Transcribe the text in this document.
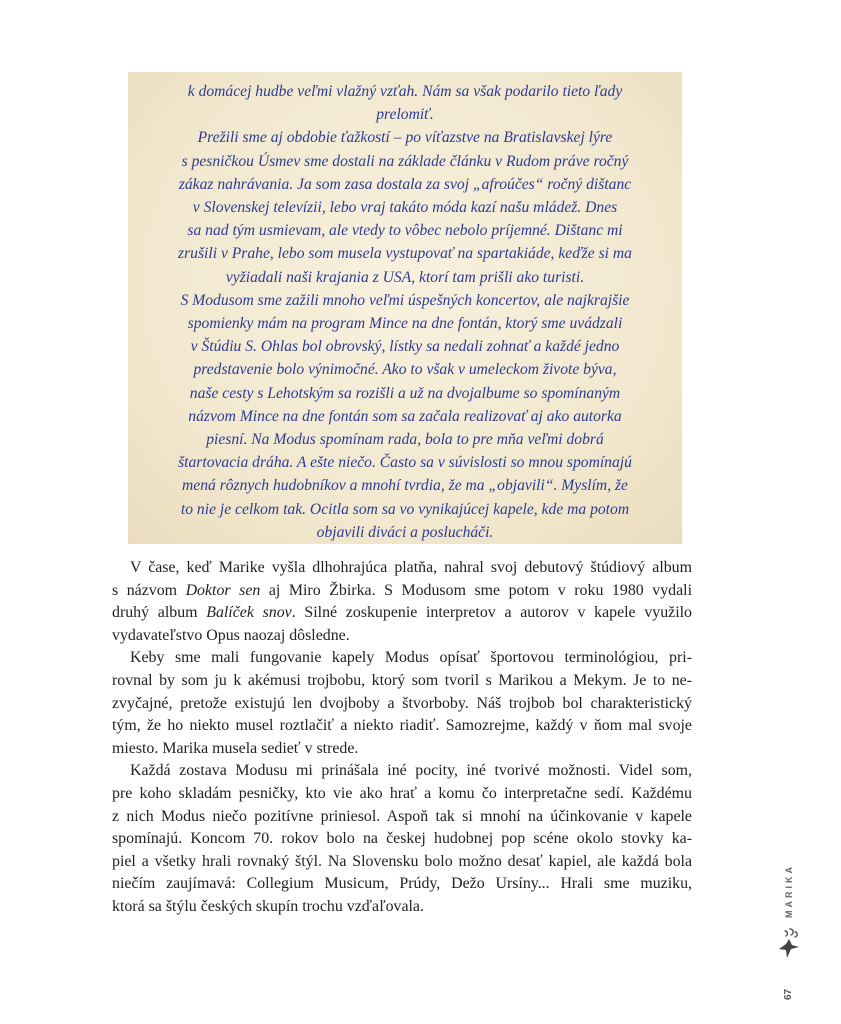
k domácej hudbe veľmi vlažný vzťah. Nám sa však podarilo tieto ľady
prelomiť.
Prežili sme aj obdobie ťažkostí – po víťazstve na Bratislavskej lýre
s pesničkou Úsmev sme dostali na základe článku v Rudom práve ročný
zákaz nahrávania. Ja som zasa dostala za svoj „afroúčes“ ročný dištanc
v Slovenskej televízii, lebo vraj takáto móda kazí našu mládež. Dnes
sa nad tým usmievam, ale vtedy to vôbec nebolo príjemné. Dištanc mi
zrušili v Prahe, lebo som musela vystupovať na spartakiáde, keďže si ma
vyžiadali naši krajania z USA, ktorí tam prišli ako turisti.
S Modusom sme zažili mnoho veľmi úspešných koncertov, ale najkrajšie
spomienky mám na program Mince na dne fontán, ktorý sme uvádzali
v Štúdiu S. Ohlas bol obrovský, lístky sa nedali zohnať a každé jedno
predstavenie bolo výnimočné. Ako to však v umeleckom živote býva,
naše cesty s Lehotským sa rozišli a už na dvojalbume so spomínaným
názvom Mince na dne fontán som sa začala realizovať aj ako autorka
piesní. Na Modus spomínam rada, bola to pre mňa veľmi dobrá
štartovacia dráha. A ešte niečo. Často sa v súvislosti so mnou spomínajú
mená rôznych hudobníkov a mnohí tvrdia, že ma „objavili“. Myslím, že
to nie je celkom tak. Ocitla som sa vo vynikajúcej kapele, kde ma potom
objavili diváci a poslucháči.

V čase, keď Marike vyšla dlhohrajúca platňa, nahral svoj debutový štúdiový album
s názvom Doktor sen aj Miro Žbirka. S Modusom sme potom v roku 1980 vydali
druhý album Balíček snov. Silné zoskupenie interpretov a autorov v kapele využilo
vydavateľstvo Opus naozaj dôsledne.
Keby sme mali fungovanie kapely Modus opísať športovou terminológiou, pri-
rovnal by som ju k akémusi trojbobu, ktorý som tvoril s Marikou a Mekym. Je to ne-
zvyčajné, pretože existujú len dvojboby a štvorboby. Náš trojbob bol charakteristický
tým, že ho niekto musel roztlačiť a niekto riadiť. Samozrejme, každý v ňom mal svoje
miesto. Marika musela sedieť v strede.
Každá zostava Modusu mi prinášala iné pocity, iné tvorivé možnosti. Videl som,
pre koho skladám pesničky, kto vie ako hrať a komu čo interpretačne sedí. Každému
z nich Modus niečo pozitívne priniesol. Aspoň tak si mnohí na účinkovanie v kapele
spomínajú. Koncom 70. rokov bolo na českej hudobnej pop scéne okolo stovky ka-
piel a všetky hrali rovnaký štýl. Na Slovensku bolo možno desať kapiel, ale každá bola
niečím zaujímavá: Collegium Musicum, Prúdy, Dežo Ursíny... Hrali sme muziku,
ktorá sa štýlu českých skupín trochu vzďaľovala.	MARIKA
67
